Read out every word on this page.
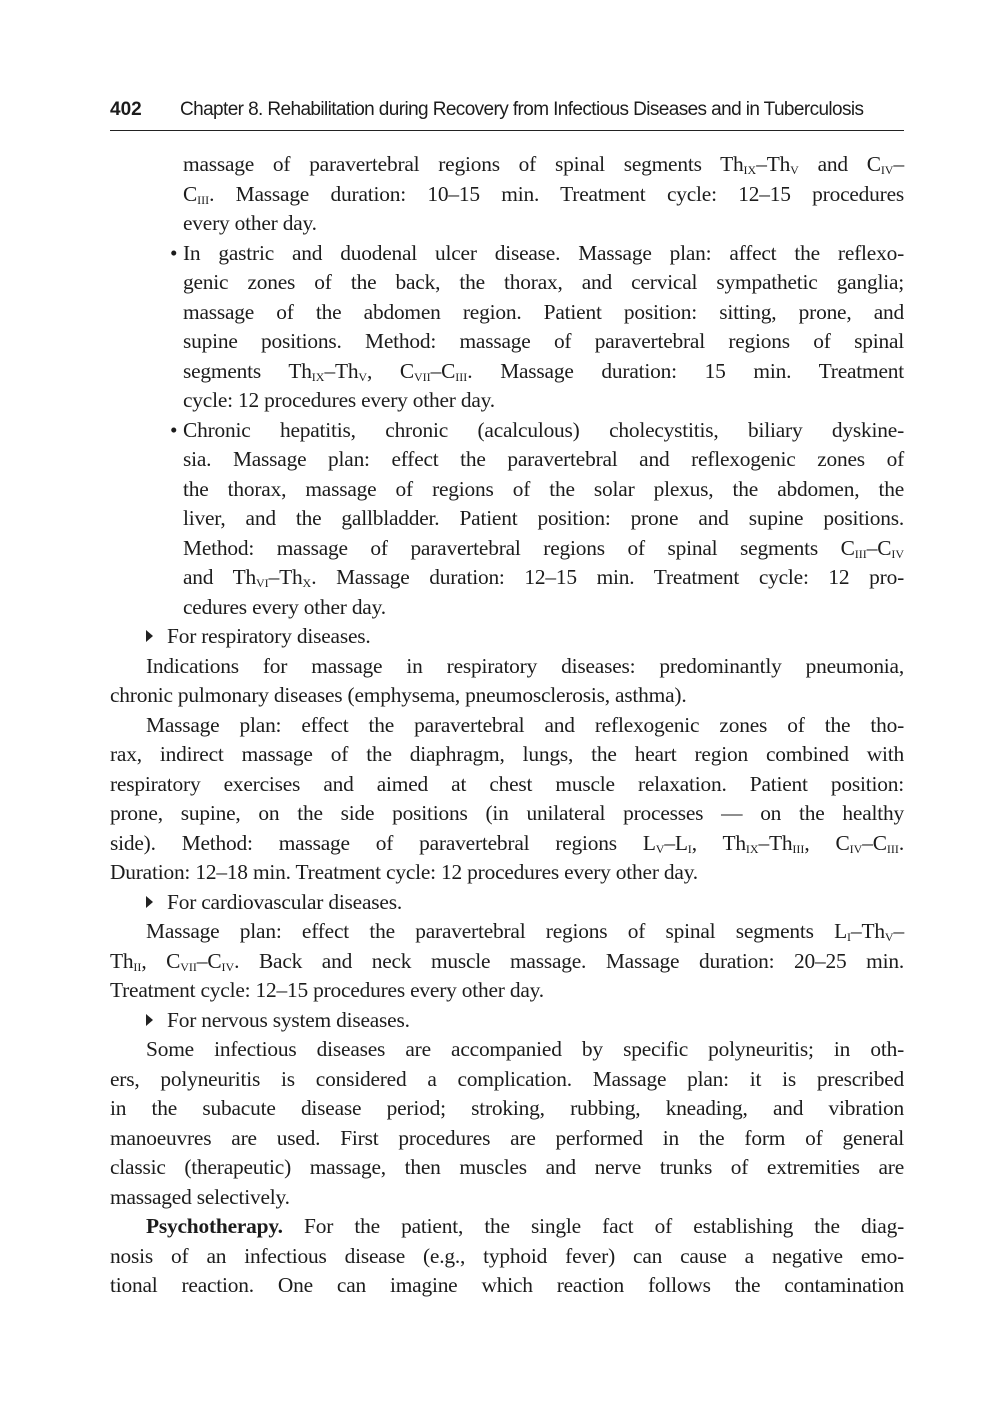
402 Chapter 8. Rehabilitation during Recovery from Infectious Diseases and in Tuberculosis
massage of paravertebral regions of spinal segments $Th_{IX}-Th_V$ and $C_{IV}-$
$C_{III}$. Massage duration: 10–15 min. Treatment cycle: 12–15 procedures
every other day.
• In gastric and duodenal ulcer disease. Massage plan: affect the reflexo-
genic zones of the back, the thorax, and cervical sympathetic ganglia;
massage of the abdomen region. Patient position: sitting, prone, and
supine positions. Method: massage of paravertebral regions of spinal
segments $Th_{IX}-Th_V$, $C_{VII}-C_{III}$. Massage duration: 15 min. Treatment
cycle: 12 procedures every other day.
• Chronic hepatitis, chronic (acalculous) cholecystitis, biliary dyskine-
sia. Massage plan: effect the paravertebral and reflexogenic zones of
the thorax, massage of regions of the solar plexus, the abdomen, the
liver, and the gallbladder. Patient position: prone and supine positions.
Method: massage of paravertebral regions of spinal segments $C_{III}-C_{IV}$
and $Th_{VI}-Th_X$. Massage duration: 12–15 min. Treatment cycle: 12 pro-
cedures every other day.
For respiratory diseases.
Indications for massage in respiratory diseases: predominantly pneumonia,
chronic pulmonary diseases (emphysema, pneumosclerosis, asthma).
Massage plan: effect the paravertebral and reflexogenic zones of the tho-
rax, indirect massage of the diaphragm, lungs, the heart region combined with
respiratory exercises and aimed at chest muscle relaxation. Patient position:
prone, supine, on the side positions (in unilateral processes — on the healthy
side). Method: massage of paravertebral regions $L_V-L_I$, $Th_{IX}-Th_{III}$, $C_{IV}-C_{III}$.
Duration: 12–18 min. Treatment cycle: 12 procedures every other day.
For cardiovascular diseases.
Massage plan: effect the paravertebral regions of spinal segments $L_I-Th_V-$
$Th_{II}$, $C_{VII}-C_{IV}$. Back and neck muscle massage. Massage duration: 20–25 min.
Treatment cycle: 12–15 procedures every other day.
For nervous system diseases.
Some infectious diseases are accompanied by specific polyneuritis; in oth-
ers, polyneuritis is considered a complication. Massage plan: it is prescribed
in the subacute disease period; stroking, rubbing, kneading, and vibration
manoeuvres are used. First procedures are performed in the form of general
classic (therapeutic) massage, then muscles and nerve trunks of extremities are
massaged selectively.
Psychotherapy. For the patient, the single fact of establishing the diag-
nosis of an infectious disease (e.g., typhoid fever) can cause a negative emo-
tional reaction. One can imagine which reaction follows the contamination
